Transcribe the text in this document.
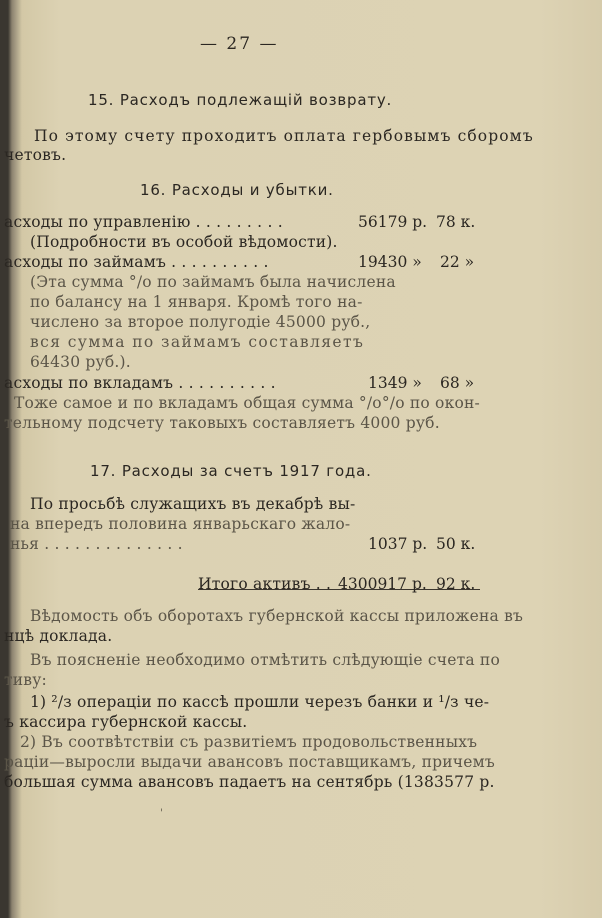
— 27 —
15. Расходъ подлежащій возврату.
По этому счету проходитъ оплата гербовымъ сборомъ
четовъ.
16. Расходы и убытки.
асходы по управленію . . . . . . . . .	56179 р. 78 к.
(Подробности въ особой вѣдомости).
асходы по займамъ . . . . . . . . . .	19430 » 22 »
(Эта сумма °/о по займамъ была начислена
по балансу на 1 января. Кромѣ того на-
числено за второе полугодіе 45000 руб.,
вся сумма по займамъ составляетъ
64430 руб.).
асходы по вкладамъ . . . . . . . . . .	1349 » 68 »
Тоже самое и по вкладамъ общая сумма °/о°/о по окон-
тельному подсчету таковыхъ составляетъ 4000 руб.
17. Расходы за счетъ 1917 года.
По просьбѣ служащихъ въ декабрѣ вы-
на впередъ половина январьскаго жало-
нья . . . . . . . . . . . . . .	1037 р. 50 к.
Итого активъ . . 4300917 р. 92 к.
Вѣдомость объ оборотахъ губернской кассы приложена въ
нцѣ доклада.
Въ поясненіе необходимо отмѣтить слѣдующіе счета по
тиву:
1) ²/з операціи по кассѣ прошли черезъ банки и ¹/з че-
ъ кассира губернской кассы.
2) Въ соотвѣтствіи съ развитіемъ продовольственныхъ
раціи—выросли выдачи авансовъ поставщикамъ, причемъ
большая сумма авансовъ падаетъ на сентябрь (1383577 р.
'
